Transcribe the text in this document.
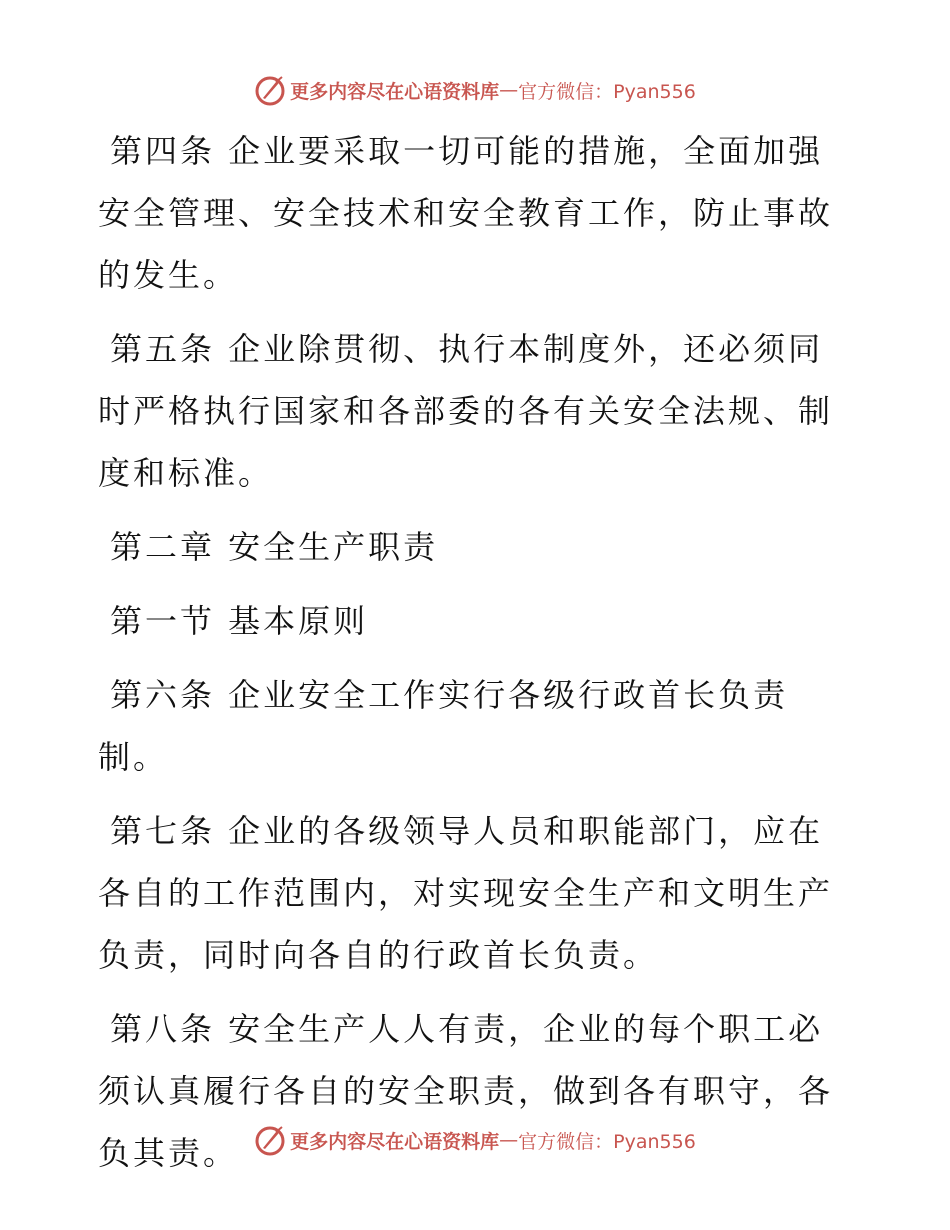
更多内容尽在心语资料库 — 官方微信：Pyan556

第四条 企业要采取一切可能的措施，全面加强安全管理、安全技术和安全教育工作，防止事故的发生。

第五条 企业除贯彻、执行本制度外，还必须同时严格执行国家和各部委的各有关安全法规、制度和标准。

第二章 安全生产职责

第一节 基本原则

第六条 企业安全工作实行各级行政首长负责制。

第七条 企业的各级领导人员和职能部门，应在各自的工作范围内，对实现安全生产和文明生产负责，同时向各自的行政首长负责。

第八条 安全生产人人有责，企业的每个职工必须认真履行各自的安全职责，做到各有职守，各负其责。	更多内容尽在心语资料库 — 官方微信：Pyan556
